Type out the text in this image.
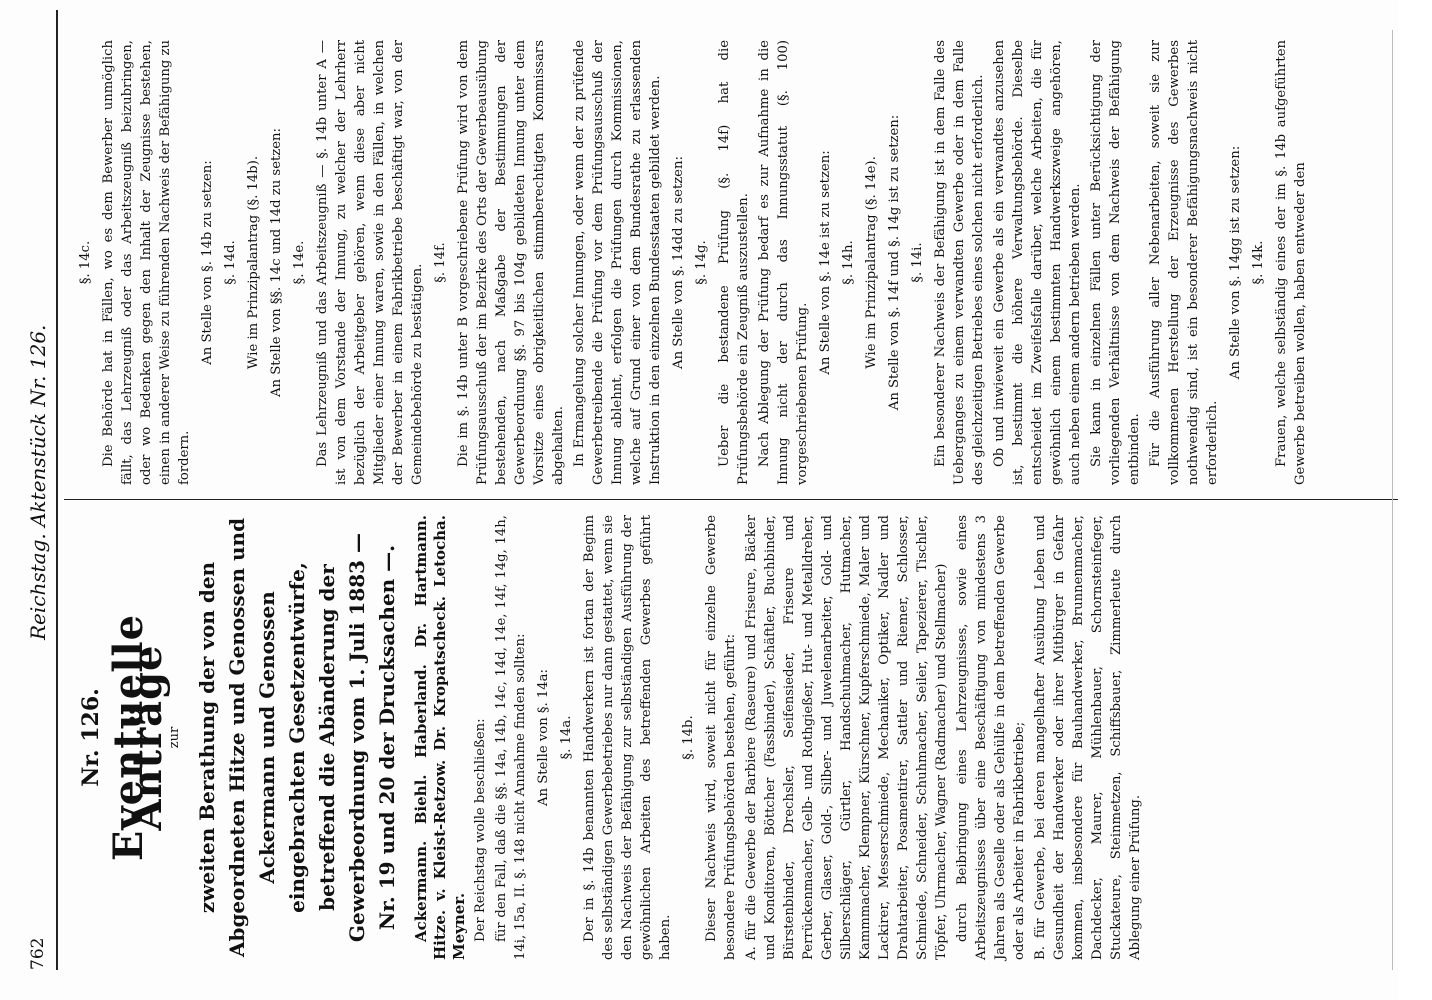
762
Reichstag. Aktenstück Nr. 126.
Nr. 126. Eventuelle Anträge
zur zweiten Berathung der von den Abgeordneten Hitze und Genossen und Ackermann und Genossen eingebrachten Gesetzentwürfe, betreffend die Abänderung der Gewerbeordnung vom 1. Juli 1883 — Nr. 19 und 20 der Drucksachen —. Ackermann. Biehl. Haberland. Dr. Hartmann. Hitze. v. Kleist-Retzow. Dr. Kropatscheck. Letocha. Meyner. Der Reichstag wolle beschließen: für den Fall, daß die §§. 14a, 14b, 14c, 14d, 14e, 14f, 14g, 14h, 14i, 15a, II. §. 148 nicht Annahme finden sollten: An Stelle von §. 14a: §. 14a. Der in §. 14b benannten Handwerkern ist fortan der Beginn des selbständigen Gewerbebetriebes nur dann gestattet, wenn sie den Nachweis der Befähigung zur selbständigen Ausführung der gewöhnlichen Arbeiten des betreffenden Gewerbes geführt haben.
§. 14b. Dieser Nachweis wird, soweit nicht für einzelne Gewerbe besondere Prüfungsbehörden bestehen, geführt: A. für die Gewerbe der Barbiere (Raseure) und Friseure, Bäcker und Konditoren, Böttcher (Fassbinder), Schäftler, Buchbinder, Bürstenbinder, Drechsler, Seifensieder, Friseure und Perrückenmacher, Gelb- und Rothgießer, Hut- und Metalldreher, Gerber, Glaser, Gold-, Silber- und Juwelenarbeiter, Gold- und Silberschläger, Gürtler, Handschuhmacher, Hutmacher, Kammmacher, Klempner, Kürschner, Kupferschmiede, Maler und Lackirer, Messerschmiede, Mechaniker, Optiker, Nadler und Drahtarbeiter, Posamentirer, Sattler und Riemer, Schlosser, Schmiede, Schneider, Schuhmacher, Seiler, Tapezierer, Tischler, Töpfer, Uhrmacher, Wagner (Radmacher) und Stellmacher) durch Beibringung eines Lehrzeugnisses, sowie eines Arbeitszeugnisses über eine Beschäftigung von mindestens 3 Jahren als Geselle oder als Gehülfe in dem betreffenden Gewerbe oder als Arbeiter in Fabrikbetriebe; B. für Gewerbe, bei deren mangelhafter Ausübung Leben und Gesundheit der Handwerker oder ihrer Mitbürger in Gefahr kommen, insbesondere für Bauhandwerker, Brunnenmacher, Dachdecker, Maurer, Mühlenbauer, Schornsteinfeger, Stuckateure, Steinmetzen, Schiffsbauer, Zimmerleute durch Ablegung einer Prüfung.
§. 14c. Die Behörde hat in Fällen, wo es dem Bewerber unmöglich fällt, das Lehrzeugniß oder das Arbeitszeugniß beizubringen, oder wo Bedenken gegen den Inhalt der Zeugnisse bestehen, einen in anderer Weise zu führenden Nachweis der Befähigung zu fordern.
An Stelle von §. 14b zu setzen: §. 14d. Wie im Prinzipalantrag (§. 14b). An Stelle von §§. 14c und 14d zu setzen: §. 14e. Das Lehrzeugniß und das Arbeitszeugniß — §. 14b unter A — ist von dem Vorstande der Innung, zu welcher der Lehrherr bezüglich der Arbeitgeber gehören, wenn diese aber nicht Mitglieder einer Innung waren, sowie in den Fällen, in welchen der Bewerber in einem Fabrikbetriebe beschäftigt war, von der Gemeindebehörde zu bestätigen.
§. 14f. Die im §. 14b unter B vorgeschriebene Prüfung wird von dem Prüfungsausschuß der im Bezirke des Orts der Gewerbeausübung bestehenden, nach Maßgabe der Bestimmungen der Gewerbeordnung §§. 97 bis 104g gebildeten Innung unter dem Vorsitze eines obrigkeitlichen stimmberechtigten Kommissars abgehalten. In Ermangelung solcher Innungen, oder wenn der zu prüfende Gewerbetreibende die Prüfung vor dem Prüfungsausschuß der Innung ablehnt, erfolgen die Prüfungen durch Kommissionen, welche auf Grund einer von dem Bundesrathe zu erlassenden Instruktion in den einzelnen Bundesstaaten gebildet werden. An Stelle von §. 14dd zu setzen: §. 14g. Ueber die bestandene Prüfung (§. 14f) hat die Prüfungsbehörde ein Zeugniß auszustellen. Nach Ablegung der Prüfung bedarf es zur Aufnahme in die Innung nicht der durch das Innungsstatut (§. 100) vorgeschriebenen Prüfung.
An Stelle von §. 14e ist zu setzen: §. 14h. Wie im Prinzipalantrag (§. 14e). An Stelle von §. 14f und §. 14g ist zu setzen: §. 14i. Ein besonderer Nachweis der Befähigung ist in dem Falle des Ueberganges zu einem verwandten Gewerbe oder in dem Falle des gleichzeitigen Betriebes eines solchen nicht erforderlich. Ob und inwieweit ein Gewerbe als ein verwandtes anzusehen ist, bestimmt die höhere Verwaltungsbehörde. Dieselbe entscheidet im Zweifelsfalle darüber, welche Arbeiten, die für gewöhnlich einem bestimmten Handwerkszweige angehören, auch neben einem andern betrieben werden. Sie kann in einzelnen Fällen unter Berücksichtigung der vorliegenden Verhältnisse von dem Nachweis der Befähigung entbinden. Für die Ausführung aller Nebenarbeiten, soweit sie zur vollkommenen Herstellung der Erzeugnisse des Gewerbes nothwendig sind, ist ein besonderer Befähigungsnachweis nicht erforderlich.
An Stelle von §. 14gg ist zu setzen: §. 14k. Frauen, welche selbständig eines der im §. 14b aufgeführten Gewerbe betreiben wollen, haben entweder den
